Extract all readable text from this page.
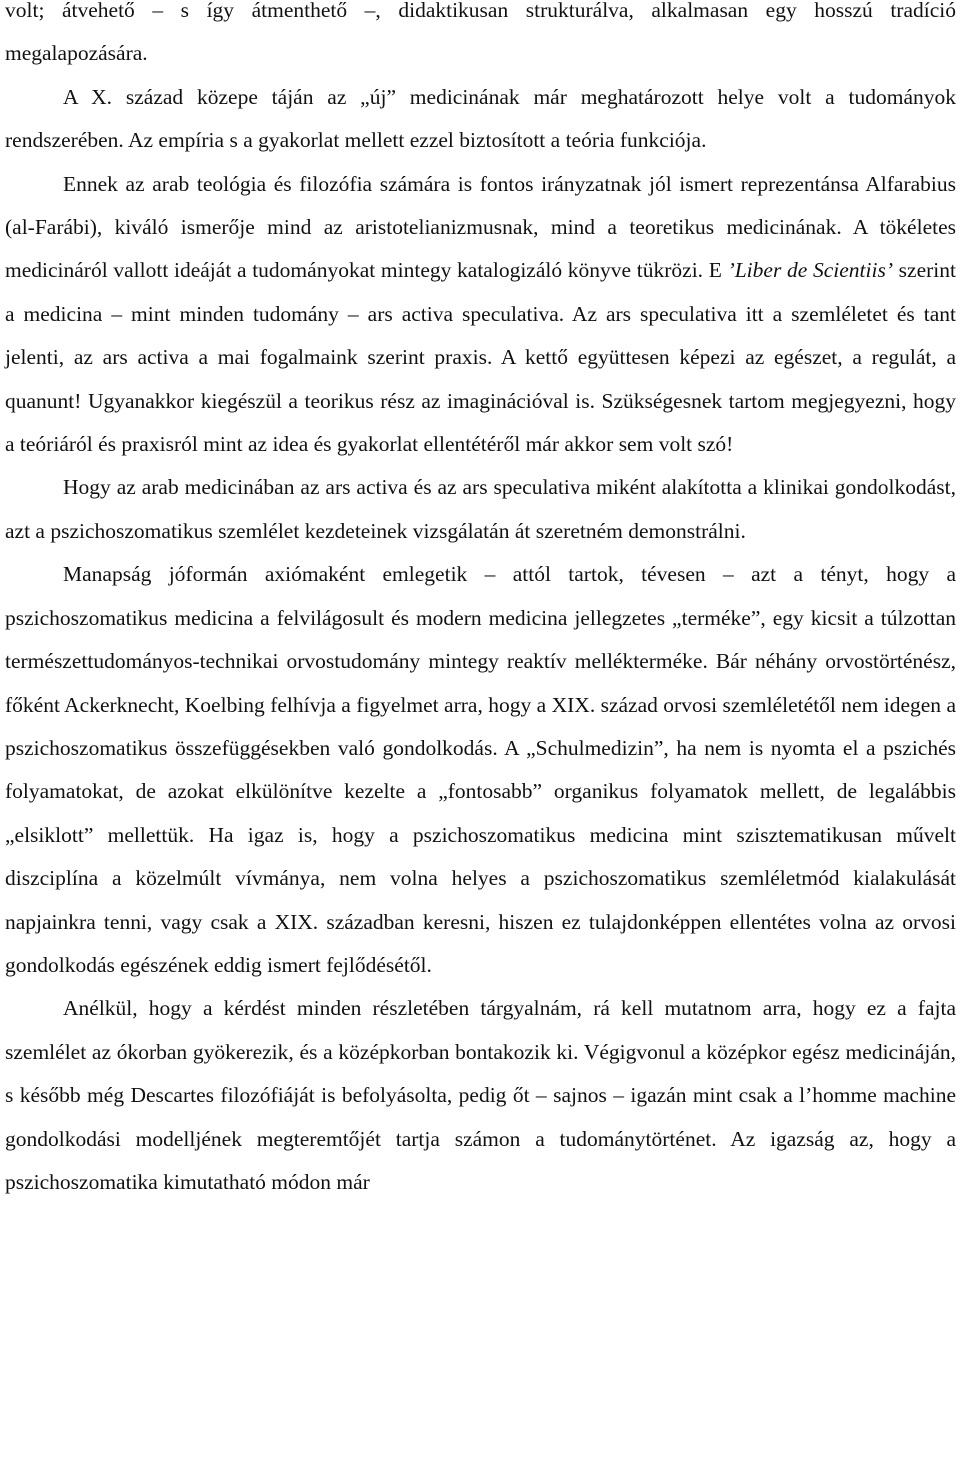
volt; átvehető – s így átmenthető –, didaktikusan strukturálva, alkalmasan egy hosszú tradíció megalapozására.

A X. század közepe táján az „új” medicinának már meghatározott helye volt a tudományok rendszerében. Az empíria s a gyakorlat mellett ezzel biztosított a teória funkciója.

Ennek az arab teológia és filozófia számára is fontos irányzatnak jól ismert reprezentánsa Alfarabius (al-Farábi), kiváló ismerője mind az aristotelianizmusnak, mind a teoretikus medicinának. A tökéletes medicináról vallott ideáját a tudományokat mintegy katalogizáló könyve tükrözi. E ’Liber de Scientiis’ szerint a medicina – mint minden tudomány – ars activa speculativa. Az ars speculativa itt a szemléletet és tant jelenti, az ars activa a mai fogalmaink szerint praxis. A kettő együttesen képezi az egészet, a regulát, a quanunt! Ugyanakkor kiegészül a teorikus rész az imaginációval is. Szükségesnek tartom megjegyezni, hogy a teóriáról és praxisról mint az idea és gyakorlat ellentétéről már akkor sem volt szó!

Hogy az arab medicinában az ars activa és az ars speculativa miként alakította a klinikai gondolkodást, azt a pszichoszomatikus szemlélet kezdeteinek vizsgálatán át szeretném demonstrálni.

Manapság jóformán axiómaként emlegetik – attól tartok, tévesen – azt a tényt, hogy a pszichoszomatikus medicina a felvilágosult és modern medicina jellegzetes „terméke”, egy kicsit a túlzottan természettudományos-technikai orvostudomány mintegy reaktív mellékterméke. Bár néhány orvostörténész, főként Ackerknecht, Koelbing felhívja a figyelmet arra, hogy a XIX. század orvosi szemléletétől nem idegen a pszichoszomatikus összefüggésekben való gondolkodás. A „Schulmedizin”, ha nem is nyomta el a pszichés folyamatokat, de azokat elkülönítve kezelte a „fontosabb” organikus folyamatok mellett, de legalábbis „elsiklott” mellettük. Ha igaz is, hogy a pszichoszomatikus medicina mint szisztematikusan művelt diszciplína a közelmúlt vívmánya, nem volna helyes a pszichoszomatikus szemléletmód kialakulását napjainkra tenni, vagy csak a XIX. században keresni, hiszen ez tulajdonképpen ellentétes volna az orvosi gondolkodás egészének eddig ismert fejlődésétől.

Anélkül, hogy a kérdést minden részletében tárgyalnám, rá kell mutatnom arra, hogy ez a fajta szemlélet az ókorban gyökerezik, és a középkorban bontakozik ki. Végigvonul a középkor egész medicináján, s később még Descartes filozófiáját is befolyásolta, pedig őt – sajnos – igazán mint csak a l’homme machine gondolkodási modelljének megteremtőjét tartja számon a tudománytörténet. Az igazság az, hogy a pszichoszomatika kimutatható módon már
